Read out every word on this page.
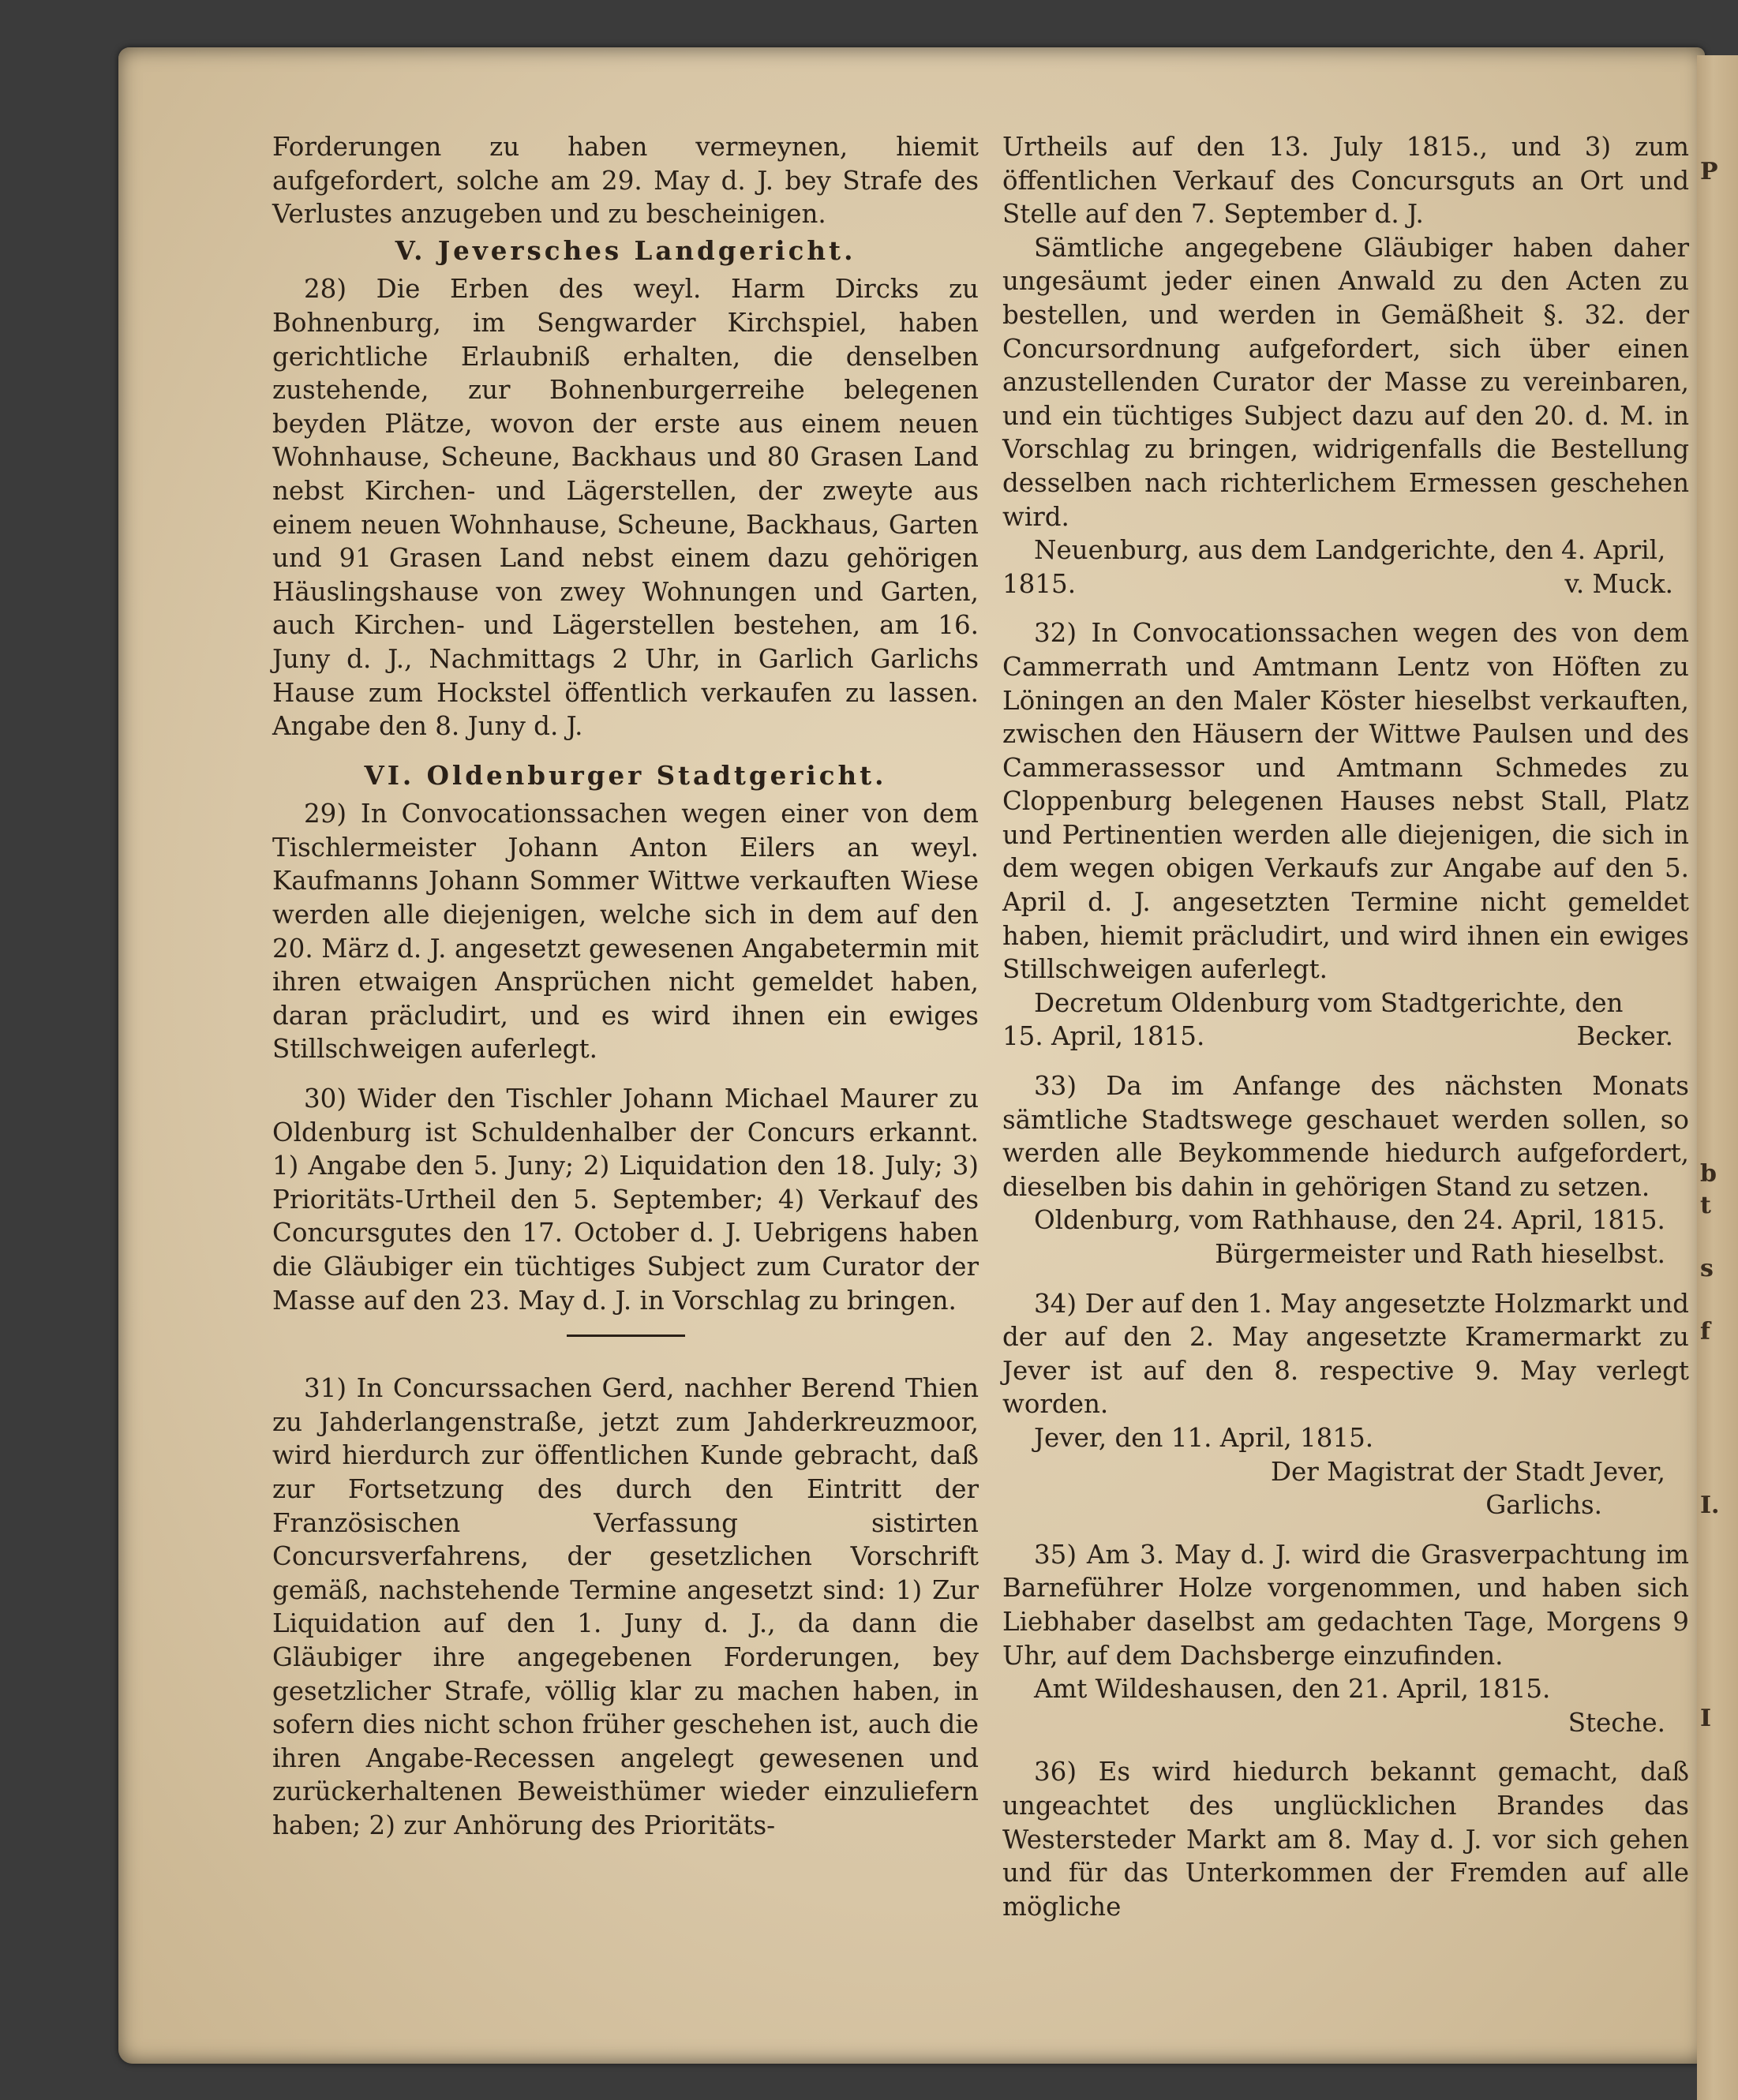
P
b
t
s
f
I.
I

Forderungen zu haben vermeynen, hiemit aufgefordert, solche am 29. May d. J. bey Strafe des Verlustes anzugeben und zu bescheinigen.

V. Jeversches Landgericht.

28) Die Erben des weyl. Harm Dircks zu Bohnenburg, im Sengwarder Kirchspiel, haben gerichtliche Erlaubniß erhalten, die denselben zustehende, zur Bohnenburgerreihe belegenen beyden Plätze, wovon der erste aus einem neuen Wohnhause, Scheune, Backhaus und 80 Grasen Land nebst Kirchen- und Lägerstellen, der zweyte aus einem neuen Wohnhause, Scheune, Backhaus, Garten und 91 Grasen Land nebst einem dazu gehörigen Häuslingshause von zwey Wohnungen und Garten, auch Kirchen- und Lägerstellen bestehen, am 16. Juny d. J., Nachmittags 2 Uhr, in Garlich Garlichs Hause zum Hockstel öffentlich verkaufen zu lassen. Angabe den 8. Juny d. J.

VI. Oldenburger Stadtgericht.

29) In Convocationssachen wegen einer von dem Tischlermeister Johann Anton Eilers an weyl. Kaufmanns Johann Sommer Wittwe verkauften Wiese werden alle diejenigen, welche sich in dem auf den 20. März d. J. angesetzt gewesenen Angabetermin mit ihren etwaigen Ansprüchen nicht gemeldet haben, daran präcludirt, und es wird ihnen ein ewiges Stillschweigen auferlegt.

30) Wider den Tischler Johann Michael Maurer zu Oldenburg ist Schuldenhalber der Concurs erkannt. 1) Angabe den 5. Juny; 2) Liquidation den 18. July; 3) Prioritäts-Urtheil den 5. September; 4) Verkauf des Concursgutes den 17. October d. J. Uebrigens haben die Gläubiger ein tüchtiges Subject zum Curator der Masse auf den 23. May d. J. in Vorschlag zu bringen.

31) In Concurssachen Gerd, nachher Berend Thien zu Jahderlangenstraße, jetzt zum Jahderkreuzmoor, wird hierdurch zur öffentlichen Kunde gebracht, daß zur Fortsetzung des durch den Eintritt der Französischen Verfassung sistirten Concursverfahrens, der gesetzlichen Vorschrift gemäß, nachstehende Termine angesetzt sind: 1) Zur Liquidation auf den 1. Juny d. J., da dann die Gläubiger ihre angegebenen Forderungen, bey gesetzlicher Strafe, völlig klar zu machen haben, in sofern dies nicht schon früher geschehen ist, auch die ihren Angabe-Recessen angelegt gewesenen und zurückerhaltenen Beweisthümer wieder einzuliefern haben; 2) zur Anhörung des Prioritäts-

Urtheils auf den 13. July 1815., und 3) zum öffentlichen Verkauf des Concursguts an Ort und Stelle auf den 7. September d. J.

Sämtliche angegebene Gläubiger haben daher ungesäumt jeder einen Anwald zu den Acten zu bestellen, und werden in Gemäßheit §. 32. der Concursordnung aufgefordert, sich über einen anzustellenden Curator der Masse zu vereinbaren, und ein tüchtiges Subject dazu auf den 20. d. M. in Vorschlag zu bringen, widrigenfalls die Bestellung desselben nach richterlichem Ermessen geschehen wird.

Neuenburg, aus dem Landgerichte, den 4. April,

1815.	v. Muck.

32) In Convocationssachen wegen des von dem Cammerrath und Amtmann Lentz von Höften zu Löningen an den Maler Köster hieselbst verkauften, zwischen den Häusern der Wittwe Paulsen und des Cammerassessor und Amtmann Schmedes zu Cloppenburg belegenen Hauses nebst Stall, Platz und Pertinentien werden alle diejenigen, die sich in dem wegen obigen Verkaufs zur Angabe auf den 5. April d. J. angesetzten Termine nicht gemeldet haben, hiemit präcludirt, und wird ihnen ein ewiges Stillschweigen auferlegt.

Decretum Oldenburg vom Stadtgerichte, den

15. April, 1815.	Becker.

33) Da im Anfange des nächsten Monats sämtliche Stadtswege geschauet werden sollen, so werden alle Beykommende hiedurch aufgefordert, dieselben bis dahin in gehörigen Stand zu setzen.

Oldenburg, vom Rathhause, den 24. April, 1815.

Bürgermeister und Rath hieselbst.

34) Der auf den 1. May angesetzte Holzmarkt und der auf den 2. May angesetzte Kramermarkt zu Jever ist auf den 8. respective 9. May verlegt worden.

Jever, den 11. April, 1815.

Der Magistrat der Stadt Jever,

Garlichs.

35) Am 3. May d. J. wird die Grasverpachtung im Barneführer Holze vorgenommen, und haben sich Liebhaber daselbst am gedachten Tage, Morgens 9 Uhr, auf dem Dachsberge einzufinden.

Amt Wildeshausen, den 21. April, 1815.

Steche.

36) Es wird hiedurch bekannt gemacht, daß ungeachtet des unglücklichen Brandes das Westersteder Markt am 8. May d. J. vor sich gehen und für das Unterkommen der Fremden auf alle mögliche
